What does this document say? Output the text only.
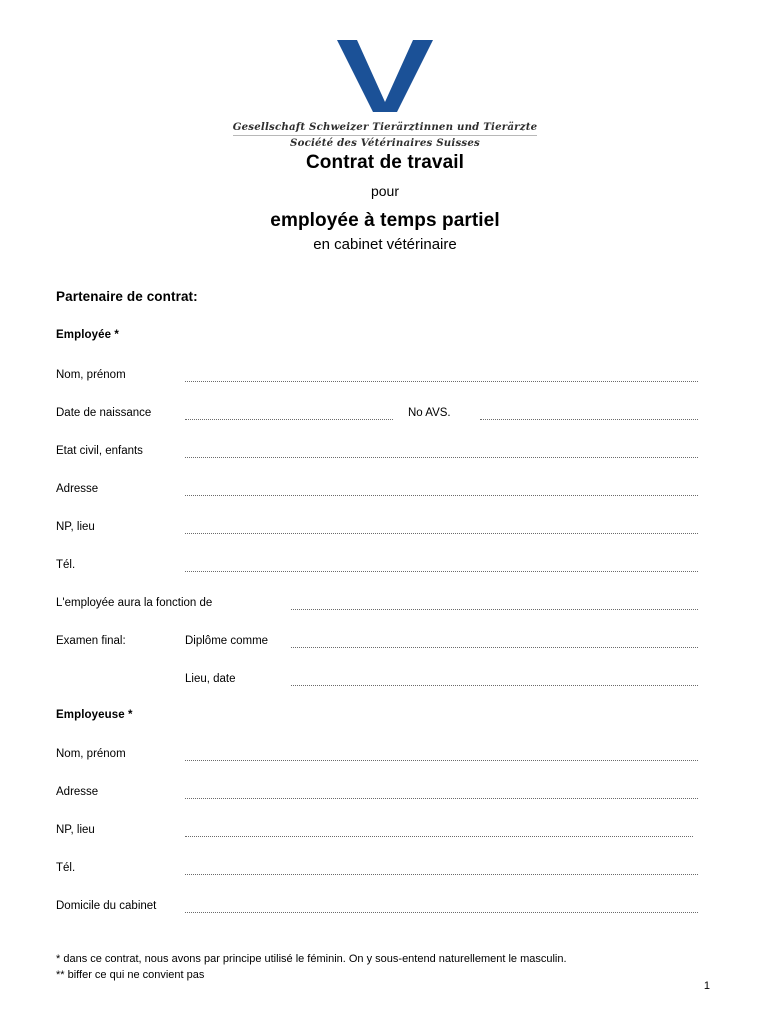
Gesellschaft Schweizer Tierärztinnen und Tierärzte
Société des Vétérinaires Suisses
Contrat de travail
pour
employée à temps partiel
en cabinet vétérinaire
Partenaire de contrat:
Employée *
Nom, prénom
Date de naissance	No AVS.
Etat civil, enfants
Adresse
NP, lieu
Tél.
L'employée aura la fonction de
Examen final:	Diplôme comme
Lieu, date
Employeuse *
Nom, prénom
Adresse
NP, lieu
Tél.
Domicile du cabinet
* dans ce contrat, nous avons par principe utilisé le féminin. On y sous-entend naturellement le masculin.
** biffer ce qui ne convient pas
1
